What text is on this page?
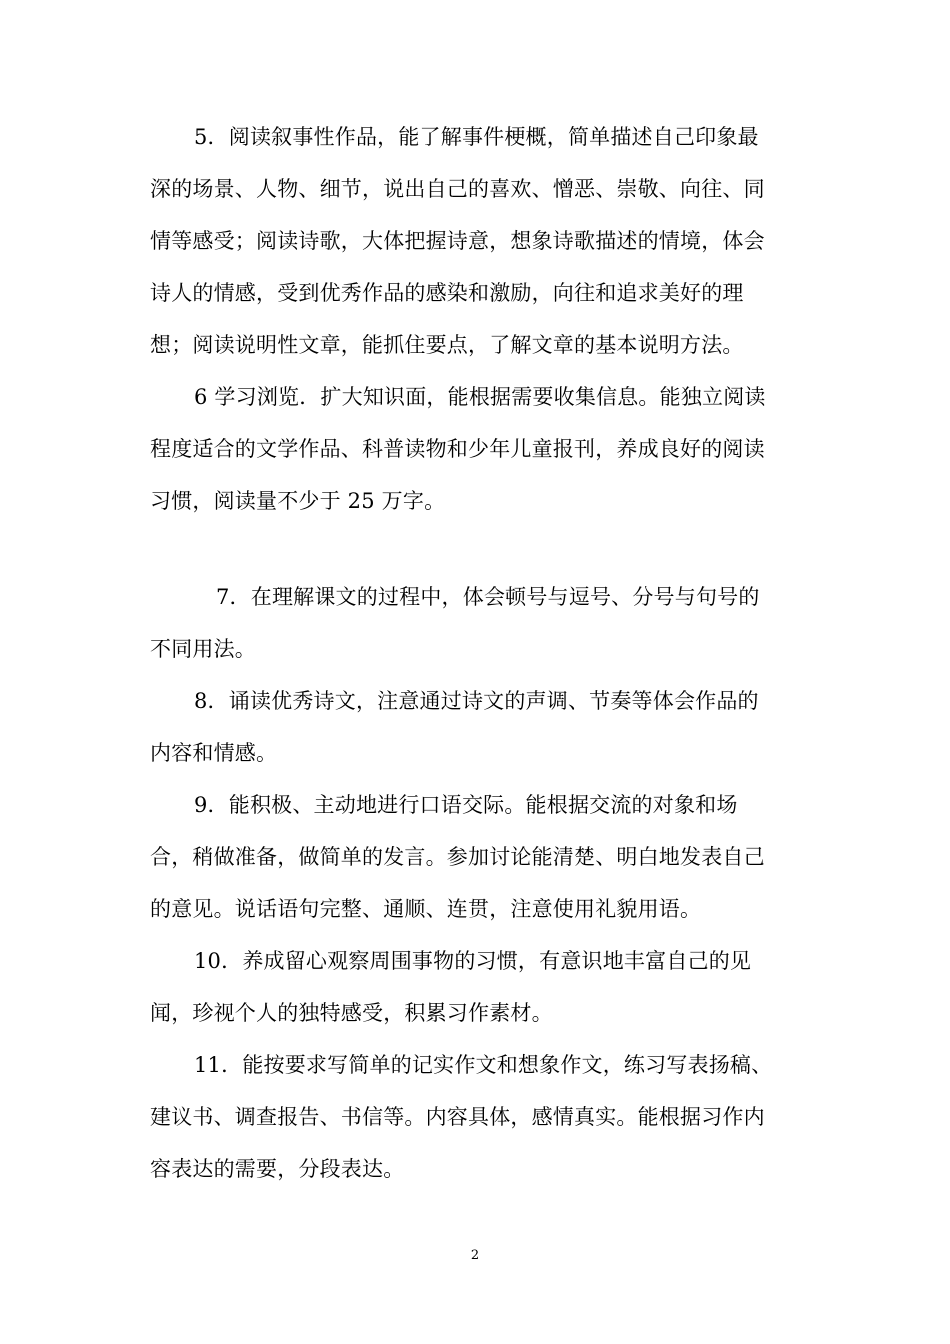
5．阅读叙事性作品，能了解事件梗概，简单描述自己印象最
深的场景、人物、细节，说出自己的喜欢、憎恶、崇敬、向往、同
情等感受；阅读诗歌，大体把握诗意，想象诗歌描述的情境，体会
诗人的情感，受到优秀作品的感染和激励，向往和追求美好的理
想；阅读说明性文章，能抓住要点，了解文章的基本说明方法。
6 学习浏览．扩大知识面，能根据需要收集信息。能独立阅读
程度适合的文学作品、科普读物和少年儿童报刊，养成良好的阅读
习惯，阅读量不少于 25 万字。
7．在理解课文的过程中，体会顿号与逗号、分号与句号的
不同用法。
8．诵读优秀诗文，注意通过诗文的声调、节奏等体会作品的
内容和情感。
9．能积极、主动地进行口语交际。能根据交流的对象和场
合，稍做准备，做简单的发言。参加讨论能清楚、明白地发表自己
的意见。说话语句完整、通顺、连贯，注意使用礼貌用语。
10．养成留心观察周围事物的习惯，有意识地丰富自己的见
闻，珍视个人的独特感受，积累习作素材。
11．能按要求写简单的记实作文和想象作文，练习写表扬稿、
建议书、调查报告、书信等。内容具体，感情真实。能根据习作内
容表达的需要，分段表达。
2
